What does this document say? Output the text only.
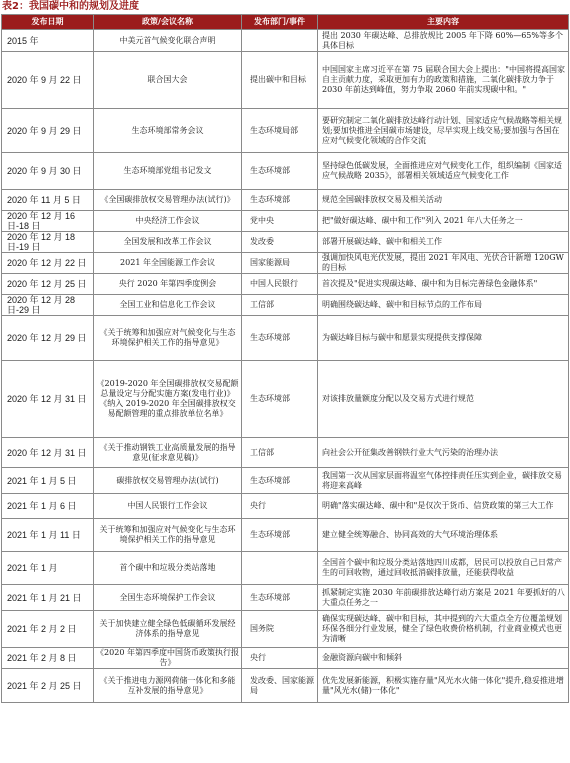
表2：我国碳中和的规划及进度
发布日期	政策/会议名称	发布部门/事件	主要内容
2015 年	中美元首气候变化联合声明		提出 2030 年碳达峰、总排放规比 2005 年下降 60%—65%等多个具体目标
2020 年 9 月 22 日	联合国大会	提出碳中和目标	中国国家主席习近平在第 75 届联合国大会上提出："中国将提高国家自主贡献力度，采取更加有力的政策和措施，二氧化碳排放力争于 2030 年前达到峰值，努力争取 2060 年前实现碳中和。"
2020 年 9 月 29 日	生态环境部常务会议	生态环境局部	要研究制定二氧化碳排放达峰行动计划、国家适应气候战略等相关规划;要加快推进全国碳市场建设，尽早实现上线交易;要加强与各国在应对气候变化领域的合作交流
2020 年 9 月 30 日	生态环境部党组书记发文	生态环境部	坚持绿色低碳发展，全面推进应对气候变化工作，组织编制《国家适应气候战略 2035》，部署相关领域适应气候变化工作
2020 年 11 月 5 日	《全国碳排放权交易管理办法(试行)》	生态环境部	规范全国碳排放权交易及相关活动
2020 年 12 月 16 日-18 日	中央经济工作会议	党中央	把"做好碳达峰、碳中和工作"列入 2021 年八大任务之一
2020 年 12 月 18 日-19 日	全国发展和改革工作会议	发改委	部署开展碳达峰、碳中和相关工作
2020 年 12 月 22 日	2021 年全国能源工作会议	国家能源局	强调加快风电光伏发展，提出 2021 年风电、光伏合计新增 120GW 的目标
2020 年 12 月 25 日	央行 2020 年第四季度例会	中国人民银行	首次提及"促进实现碳达峰、碳中和为目标完善绿色金融体系"
2020 年 12 月 28 日-29 日	全国工业和信息化工作会议	工信部	明确围绕碳达峰、碳中和目标节点的工作布局
2020 年 12 月 29 日	《关于统筹和加强应对气候变化与生态环境保护相关工作的指导意见》	生态环境部	为碳达峰目标与碳中和愿景实现提供支撑保障
2020 年 12 月 31 日	《2019-2020 年全国碳排放权交易配额总量设定与分配实施方案(发电行业)》《纳入 2019-2020 年全国碳排放权交易配额管理的重点排放单位名单》	生态环境部	对该排放量额度分配以及交易方式进行规范
2020 年 12 月 31 日	《关于推动钢铁工业高质量发展的指导意见(征求意见稿)》	工信部	向社会公开征集改善钢铁行业大气污染的治理办法
2021 年 1 月 5 日	碳排放权交易管理办法(试行)	生态环境部	我国第一次从国家层面将温室气体控排责任压实到企业，碳排放交易将迎来高峰
2021 年 1 月 6 日	中国人民银行工作会议	央行	明确"落实碳达峰、碳中和"是仅次于货币、信贷政策的第三大工作
2021 年 1 月 11 日	关于统筹和加强应对气候变化与生态环境保护相关工作的指导意见	生态环境部	建立健全统筹融合、协同高效的大气环境治理体系
2021 年 1 月	首个碳中和垃圾分类站落地		全国首个碳中和垃圾分类站落地四川成都，居民可以投放自己日常产生的可回收物，通过回收抵消碳排放量，还能获得收益
2021 年 1 月 21 日	全国生态环境保护工作会议	生态环境部	抓紧制定实施 2030 年前碳排放达峰行动方案是 2021 年要抓好的八大重点任务之一
2021 年 2 月 2 日	关于加快建立健全绿色低碳循环发展经济体系的指导意见	国务院	确保实现碳达峰、碳中和目标，其中提到的六大重点全方位覆盖规划环保各细分行业发展，健全了绿色收费价格机制，行业商业模式也更为清晰
2021 年 2 月 8 日	《2020 年第四季度中国货币政策执行报告》	央行	金融资源向碳中和倾斜
2021 年 2 月 25 日	《关于推进电力源网荷储一体化和多能互补发展的指导意见》	发改委、国家能源局	优先发展新能源，积极实施存量"风光水火储一体化"提升,稳妥推进增量"风光水(储)一体化"
